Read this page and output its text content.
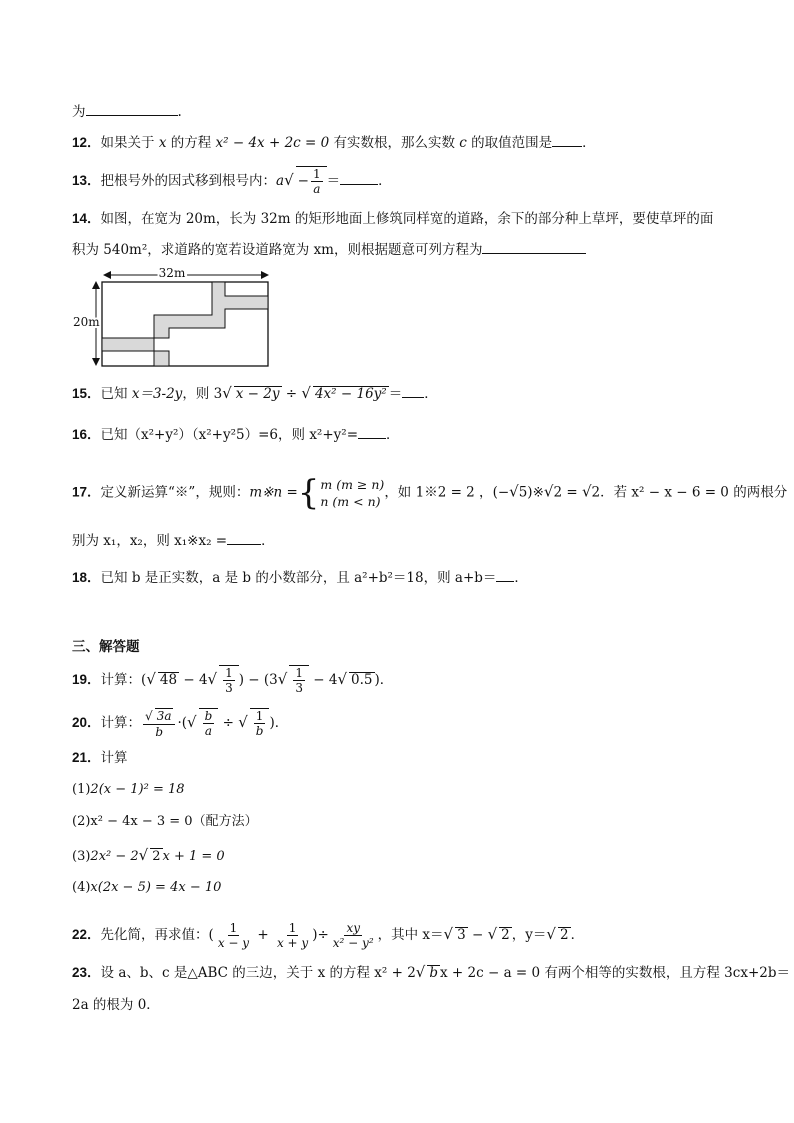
为	.
12．如果关于 x 的方程 x² − 4x + 2c = 0 有实数根，那么实数 c 的取值范围是 ．
13．把根号外的因式移到根号内：$a√ - \frac{1}{a}$ ＝	．
14．如图，在宽为 20m，长为 32m 的矩形地面上修筑同样宽的道路，余下的部分种上草坪，要使草坪的面
积为 540m²，求道路的宽若设道路宽为 xm，则根据题意可列方程为
32m
20m
15．已知 x＝3-2y，则 3√ x − 2y ÷ √ 4x² − 16y² ＝ ．
16．已知（x²+y²）（x²+y²5）=6，则 x²+y²= ．
17．定义新运算“※”，规则：m※n = { m (m ≥ n)
n (m < n)
，如 1※2 = 2 ，(−√5)※√2 = √2．若 x² − x − 6 = 0 的两根分
别为 x₁，x₂，则 x₁※x₂ =	．
18．已知 b 是正实数，a 是 b 的小数部分，且 a²+b²＝18，则 a+b＝ ．
三、解答题
19．计算：(√ $48 - 4√ \frac{1}{3}$ ) − ($3√ \frac{1}{3} - 4√$ 0.5 )．
20．计算： $\frac{√ 3a}{b}$ ·(√ $\frac{b}{a}$ ÷ √ $\frac{1}{b}$ )．
21．计算
(1)2(x − 1)² = 18
(2)x² − 4x − 3 = 0（配方法）
(3)2x² − 2√ 2 x + 1 = 0
(4)x(2x − 5) = 4x − 10
22．先化简，再求值：( $\frac{1}{x - y} + \frac{1}{x + y}$ )÷ $\frac{xy}{\text{x² − y²}}$ ，其中 x＝√ 3 − √ 2 ，y＝√ 2 ．
23．设 a、b、c 是△ABC 的三边，关于 x 的方程 x² + 2√ b x + 2c − a = 0 有两个相等的实数根，且方程 3cx+2b＝
2a 的根为 0．
